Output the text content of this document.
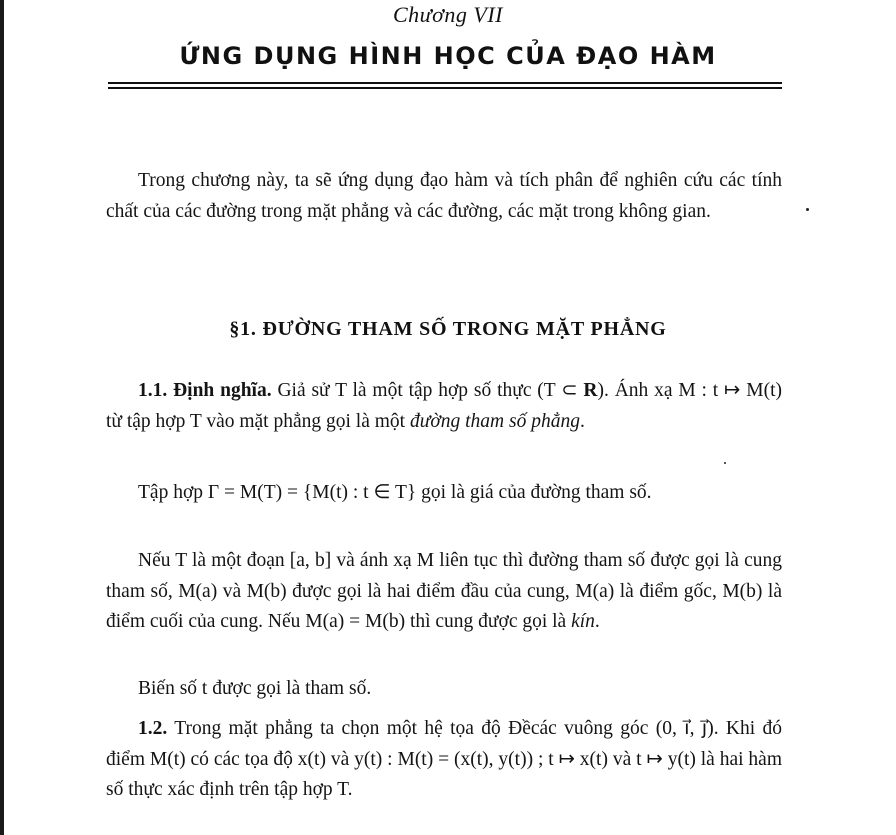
Chương VII
ỨNG DỤNG HÌNH HỌC CỦA ĐẠO HÀM

Trong chương này, ta sẽ ứng dụng đạo hàm và tích phân để nghiên cứu các tính chất của các đường trong mặt phẳng và các đường, các mặt trong không gian.

§1. ĐƯỜNG THAM SỐ TRONG MẶT PHẲNG

1.1. Định nghĩa. Giả sử T là một tập hợp số thực (T ⊂ R). Ánh xạ M : t ↦ M(t) từ tập hợp T vào mặt phẳng gọi là một đường tham số phẳng.

Tập hợp Γ = M(T) = {M(t) : t ∈ T} gọi là giá của đường tham số.

Nếu T là một đoạn [a, b] và ánh xạ M liên tục thì đường tham số được gọi là cung tham số, M(a) và M(b) được gọi là hai điểm đầu của cung, M(a) là điểm gốc, M(b) là điểm cuối của cung. Nếu M(a) = M(b) thì cung được gọi là kín.

Biến số t được gọi là tham số.

1.2. Trong mặt phẳng ta chọn một hệ tọa độ Đềcác vuông góc (0, i⃗, j⃗). Khi đó điểm M(t) có các tọa độ x(t) và y(t) : M(t) = (x(t), y(t)) ; t ↦ x(t) và t ↦ y(t) là hai hàm số thực xác định trên tập hợp T.
